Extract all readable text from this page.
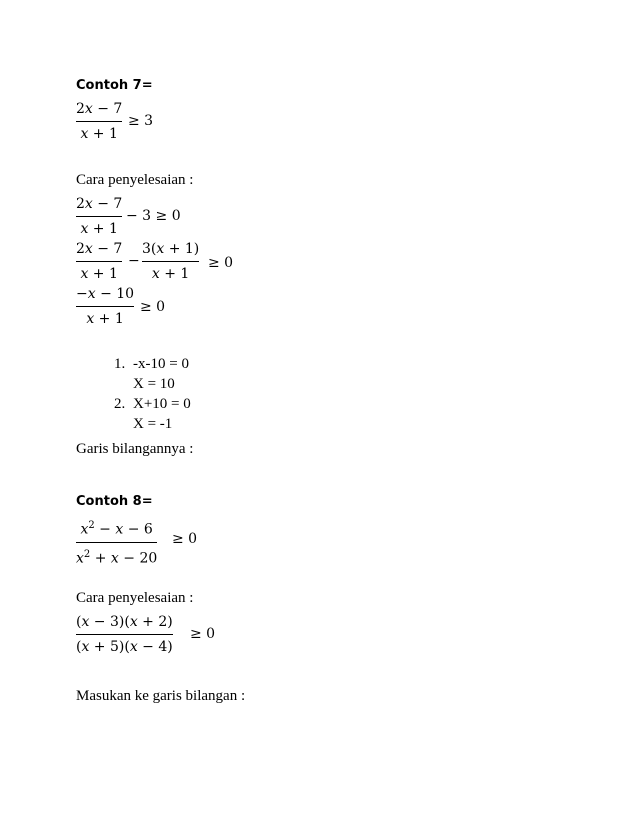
Contoh 7=
2𝑥 − 7
𝑥 + 1
≥ 3
Cara penyelesaian :
2𝑥 − 7
𝑥 + 1
− 3 ≥ 0
2𝑥 − 7
𝑥 + 1
−
3(𝑥 + 1)
𝑥 + 1
≥ 0
−𝑥 − 10
𝑥 + 1
≥ 0
1. -x-10 = 0
X = 10
2. X+10 = 0
X = -1
Garis bilangannya :
Contoh 8=
𝑥$^2$ − 𝑥 − 6
𝑥$^2$ + 𝑥 − 20
≥ 0
Cara penyelesaian :
(𝑥 − 3)(𝑥 + 2)
(𝑥 + 5)(𝑥 − 4)
≥ 0
Masukan ke garis bilangan :
